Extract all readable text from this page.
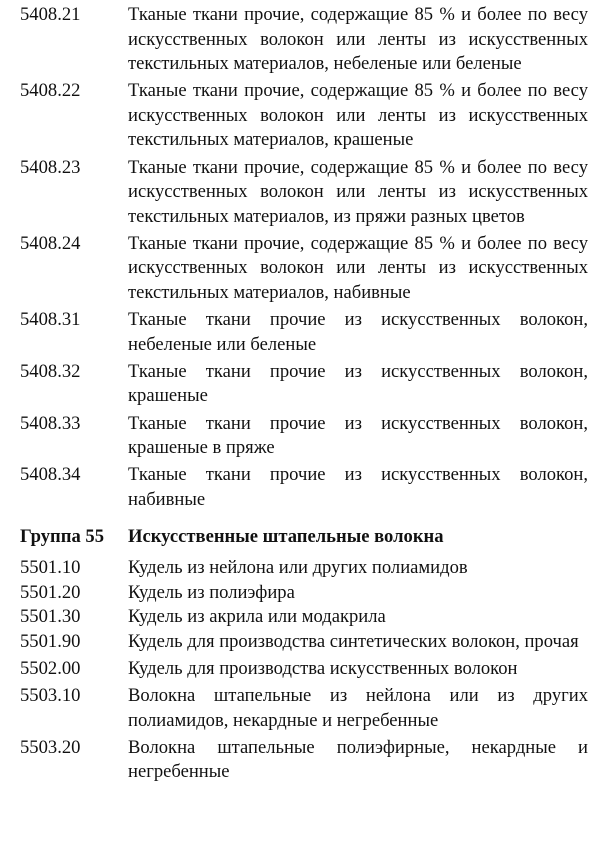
5408.21	Тканые ткани прочие, содержащие 85 % и более по весу искусственных волокон или ленты из искусственных текстильных материалов, небеленые или беленые
5408.22	Тканые ткани прочие, содержащие 85 % и более по весу искусственных волокон или ленты из искусственных текстильных материалов, крашеные
5408.23	Тканые ткани прочие, содержащие 85 % и более по весу искусственных волокон или ленты из искусственных текстильных материалов, из пряжи разных цветов
5408.24	Тканые ткани прочие, содержащие 85 % и более по весу искусственных волокон или ленты из искусственных текстильных материалов, набивные
5408.31	Тканые ткани прочие из искусственных волокон, небеленые или беленые
5408.32	Тканые ткани прочие из искусственных волокон, крашеные
5408.33	Тканые ткани прочие из искусственных волокон, крашеные в пряже
5408.34	Тканые ткани прочие из искусственных волокон, набивные
Группа 55	Искусственные штапельные волокна
5501.10	Кудель из нейлона или других полиамидов
5501.20	Кудель из полиэфира
5501.30	Кудель из акрила или модакрила
5501.90	Кудель для производства синтетических волокон, прочая
5502.00	Кудель для производства искусственных волокон
5503.10	Волокна штапельные из нейлона или из других полиамидов, некардные и негребенные
5503.20	Волокна штапельные полиэфирные, некардные и негребенные
